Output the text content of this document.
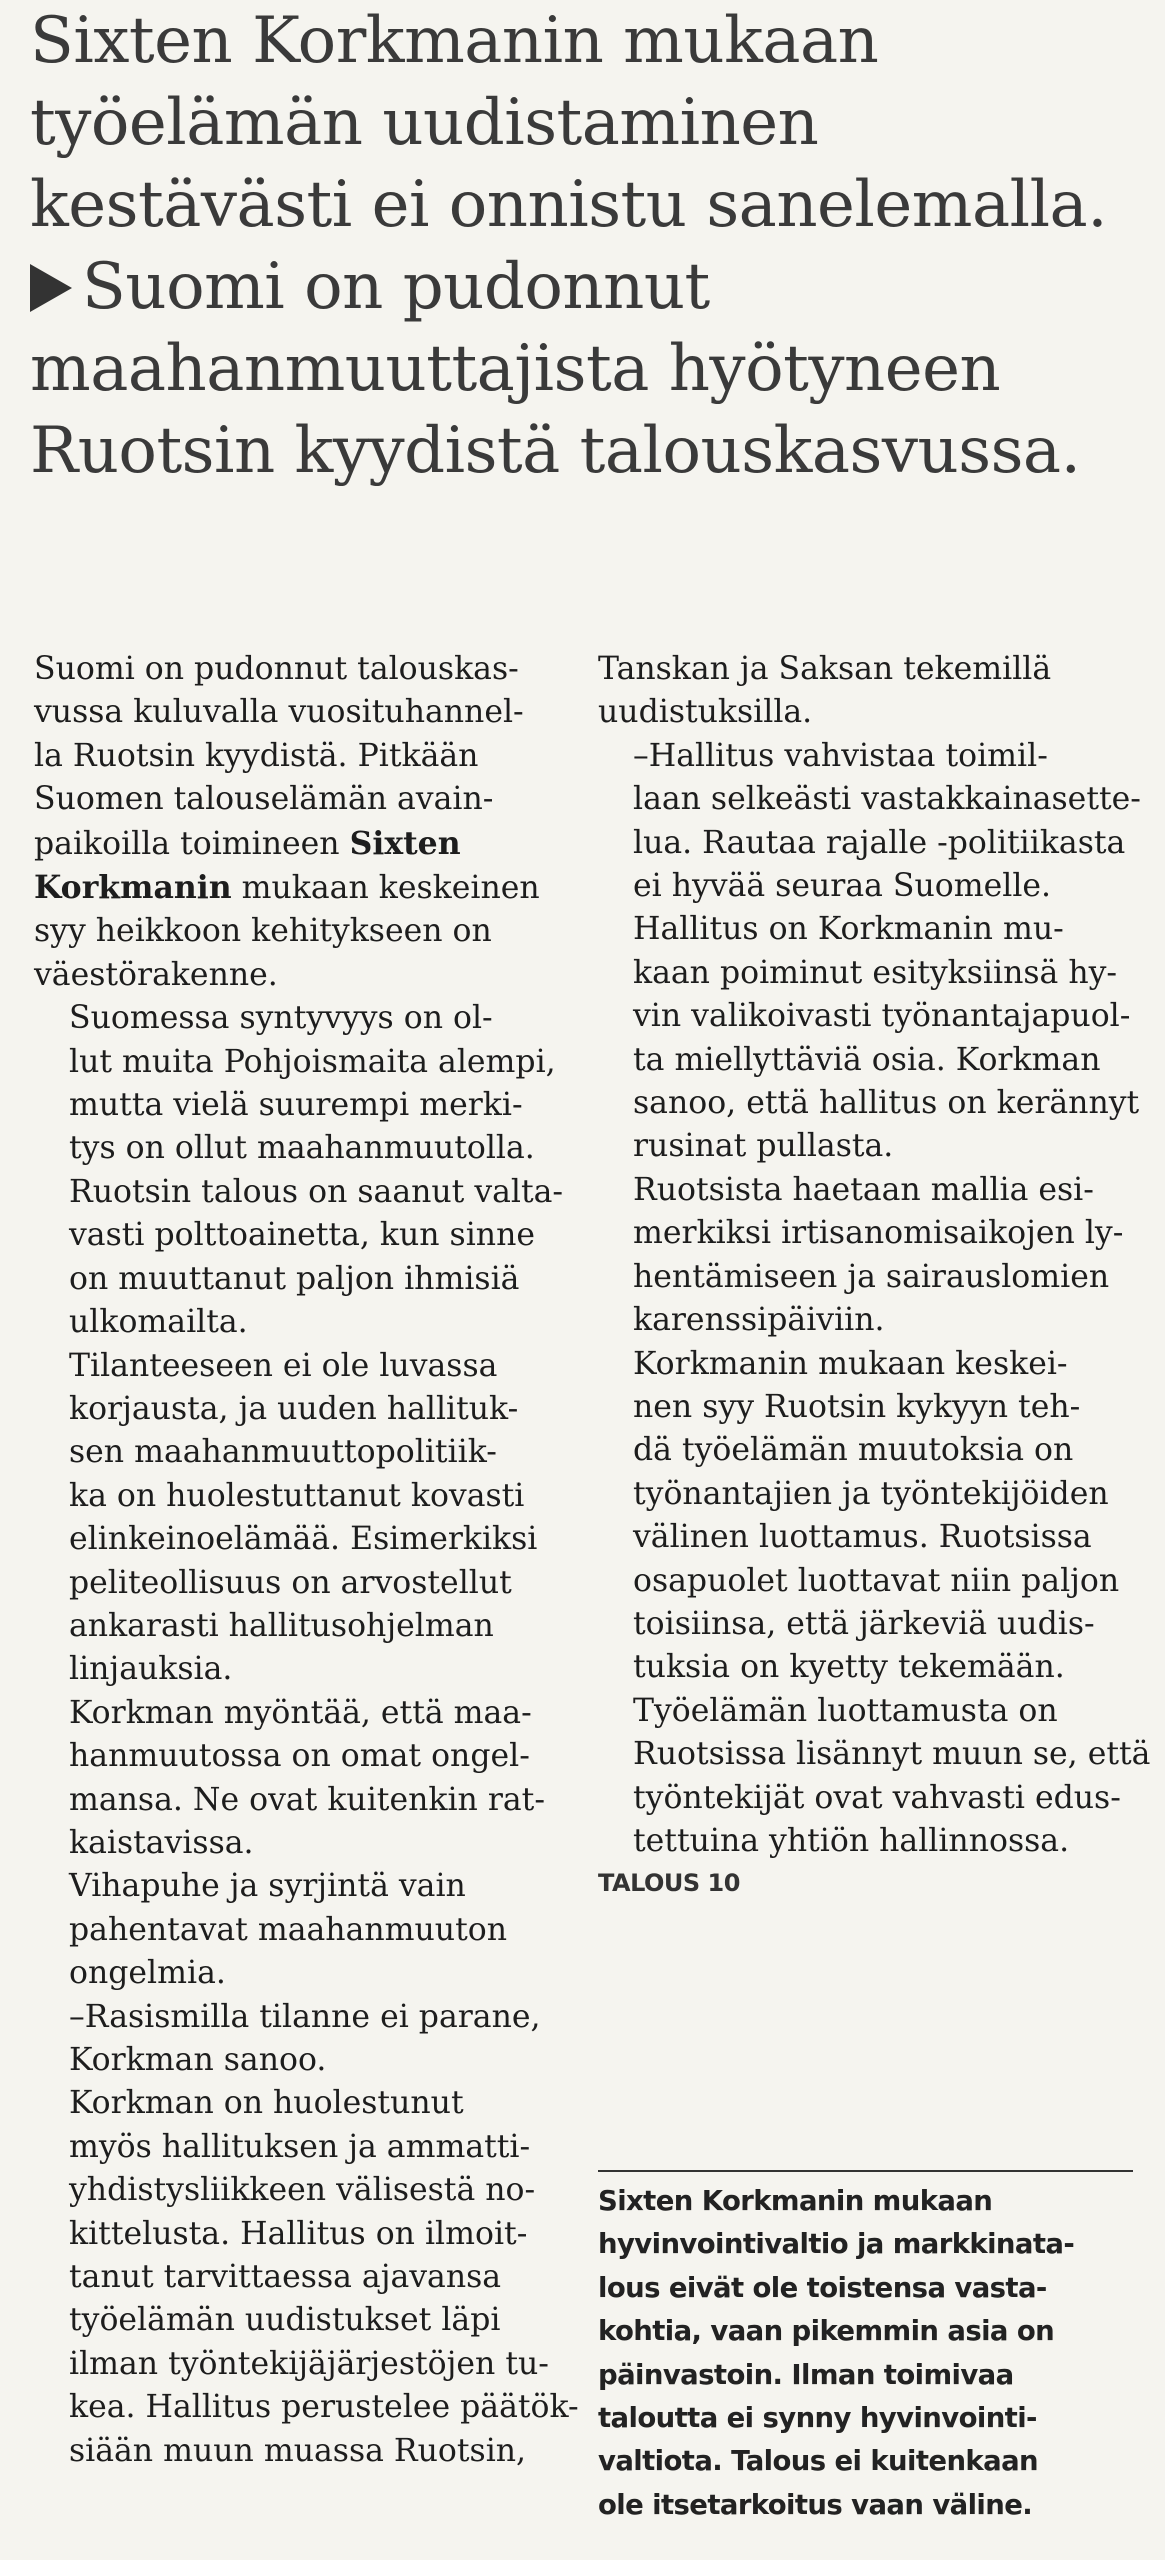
Sixten Korkmanin mukaan
työelämän uudistaminen
kestävästi ei onnistu sanelemalla.
Suomi on pudonnut
maahanmuuttajista hyötyneen
Ruotsin kyydistä talouskasvussa.

Suomi on pudonnut talouskas-
vussa kuluvalla vuosituhannel-
la Ruotsin kyydistä. Pitkään
Suomen talouselämän avain-
paikoilla toimineen Sixten
Korkmanin mukaan keskeinen
syy heikkoon kehitykseen on
väestörakenne.

Suomessa syntyvyys on ol-
lut muita Pohjoismaita alempi,
mutta vielä suurempi merki-
tys on ollut maahanmuutolla.
Ruotsin talous on saanut valta-
vasti polttoainetta, kun sinne
on muuttanut paljon ihmisiä
ulkomailta.

Tilanteeseen ei ole luvassa
korjausta, ja uuden hallituk-
sen maahanmuuttopolitiik-
ka on huolestuttanut kovasti
elinkeinoelämää. Esimerkiksi
peliteollisuus on arvostellut
ankarasti hallitusohjelman
linjauksia.

Korkman myöntää, että maa-
hanmuutossa on omat ongel-
mansa. Ne ovat kuitenkin rat-
kaistavissa.

Vihapuhe ja syrjintä vain
pahentavat maahanmuuton
ongelmia.

–Rasismilla tilanne ei parane,
Korkman sanoo.

Korkman on huolestunut
myös hallituksen ja ammatti-
yhdistysliikkeen välisestä no-
kittelusta. Hallitus on ilmoit-
tanut tarvittaessa ajavansa
työelämän uudistukset läpi
ilman työntekijäjärjestöjen tu-
kea. Hallitus perustelee päätök-
siään muun muassa Ruotsin,

Tanskan ja Saksan tekemillä
uudistuksilla.

–Hallitus vahvistaa toimil-
laan selkeästi vastakkainasette-
lua. Rautaa rajalle -politiikasta
ei hyvää seuraa Suomelle.

Hallitus on Korkmanin mu-
kaan poiminut esityksiinsä hy-
vin valikoivasti työnantajapuol-
ta miellyttäviä osia. Korkman
sanoo, että hallitus on kerännyt
rusinat pullasta.

Ruotsista haetaan mallia esi-
merkiksi irtisanomisaikojen ly-
hentämiseen ja sairauslomien
karenssipäiviin.

Korkmanin mukaan keskei-
nen syy Ruotsin kykyyn teh-
dä työelämän muutoksia on
työnantajien ja työntekijöiden
välinen luottamus. Ruotsissa
osapuolet luottavat niin paljon
toisiinsa, että järkeviä uudis-
tuksia on kyetty tekemään.

Työelämän luottamusta on
Ruotsissa lisännyt muun se, että
työntekijät ovat vahvasti edus-
tettuina yhtiön hallinnossa.

TALOUS 10
Sixten Korkmanin mukaan
hyvinvointivaltio ja markkinata-
lous eivät ole toistensa vasta-
kohtia, vaan pikemmin asia on
päinvastoin. Ilman toimivaa
taloutta ei synny hyvinvointi-
valtiota. Talous ei kuitenkaan
ole itsetarkoitus vaan väline.
